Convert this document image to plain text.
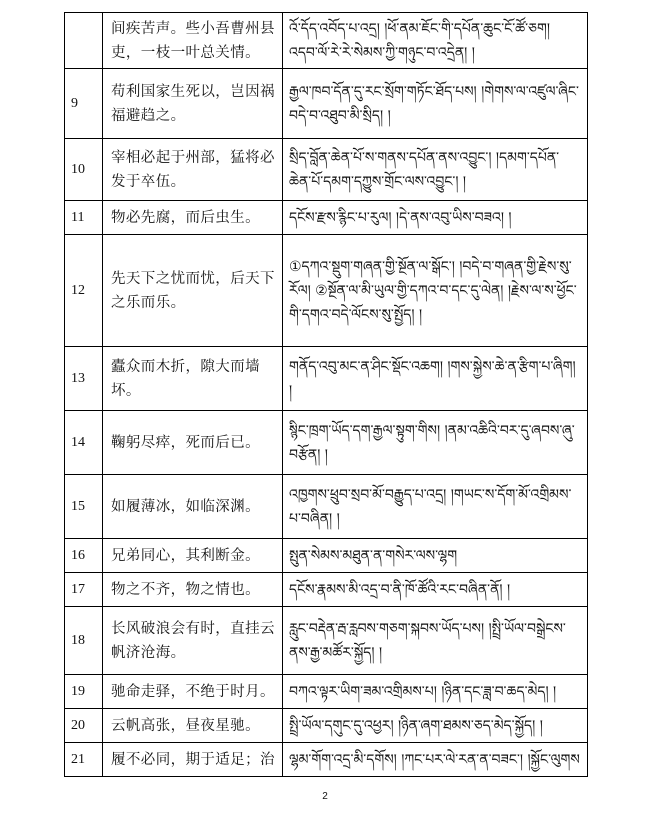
	间疾苦声。些小吾曹州县吏，一枝一叶总关情。	འོ་དོད་འབོད་པ་འདྲ། །ཕོ་ནམ་ཇོང་གི་དཔོན་ཆུང་ངོ་ཚོ་ཅག། འདབ་ལོ་རེ་རེ་སེམས་ཀྱི་གཉུང་བ་འདྲེན། །
9	苟利国家生死以，岂因祸福避趋之。	རྒྱལ་ཁབ་དོན་དུ་རང་སྲོག་གཏོང་ཐོད་པས། །གེགས་ལ་འཛུལ་ཞིང་བདེ་བ་འཐུབ་མི་སྲིད། །
10	宰相必起于州部，猛将必发于卒伍。	སྲིད་བློན་ཆེན་པོ་ས་གནས་དཔོན་ནས་འབྱུང་། །དམག་དཔོན་ཆེན་པོ་དམག་དཀྱུས་གྲོང་ལས་འབྱུང་། །
11	物必先腐，而后虫生。	དངོས་རྫས་རྙིང་པ་རུལ། །དེ་ནས་འབུ་ཡིས་བཟའ། །
12	先天下之忧而忧，后天下之乐而乐。	①དཀའ་སྡུག་གཞན་གྱི་སྔོན་ལ་སྒོང་། །བདེ་བ་གཞན་གྱི་རྗེས་སུ་རོལ། ②སྔོན་ལ་མི་ཡུལ་གྱི་དཀའ་བ་དང་དུ་ལེན། །རྗེས་ལ་ས་ཕྱོང་གི་དགའ་བདེ་ལོངས་སུ་སྤྱོད། །
13	蠹众而木折，隙大而墙坏。	གནོད་འབུ་མང་ན་ཤིང་སྡོང་འཆག། །གས་སྐྱེས་ཆེ་ན་རྩིག་པ་ཞིག། །
14	鞠躬尽瘁，死而后已。	སྙིང་ཁྲག་ཡོད་དག་རྒྱལ་སྟུག་གིས། །ནམ་འཆིའི་བར་དུ་ཞབས་ཞུ་བརྩོན། །
15	如履薄冰，如临深渊。	འཁྱགས་ཕྲུབ་སྲབ་མོ་བརྒྱུད་པ་འདྲ། །གཡང་ས་དོག་མོ་འགྲིམས་པ་བཞིན། །
16	兄弟同心，其利断金。	སྤུན་སེམས་མཐུན་ན་གསེར་ལས་ལྷག
17	物之不齐，物之情也。	དངོས་རྣམས་མི་འདྲ་བ་ནི་ཁོ་ཚོའི་རང་བཞིན་ནོ། །
18	长风破浪会有时，直挂云帆济沧海。	རླུང་བརྡེན་རྦ་རླབས་གཅག་སྐབས་ཡོད་པས། །སྤྲི་ཡོལ་བསྒྲེངས་ནས་རྒྱ་མཚོར་སྐྱོད། །
19	驰命走驿，不绝于时月。	བཀའ་ལྟར་ཡིག་ཟམ་འགྲིམས་པ། །ཉིན་དང་ཟླ་བ་ཆད་མེད། །
20	云帆高张，昼夜星驰。	སྤྲི་ཡོལ་དགུང་དུ་འཕྱར། །ཉིན་ཞག་ཐམས་ཅད་མེད་སྐྱོད། །
21	履不必同，期于适足；治	ལྷམ་གོག་འདྲ་མི་དགོས། །ཀང་པར་ལེ་རན་ན་བཟང་། །སྐྱོང་ལུགས
2
